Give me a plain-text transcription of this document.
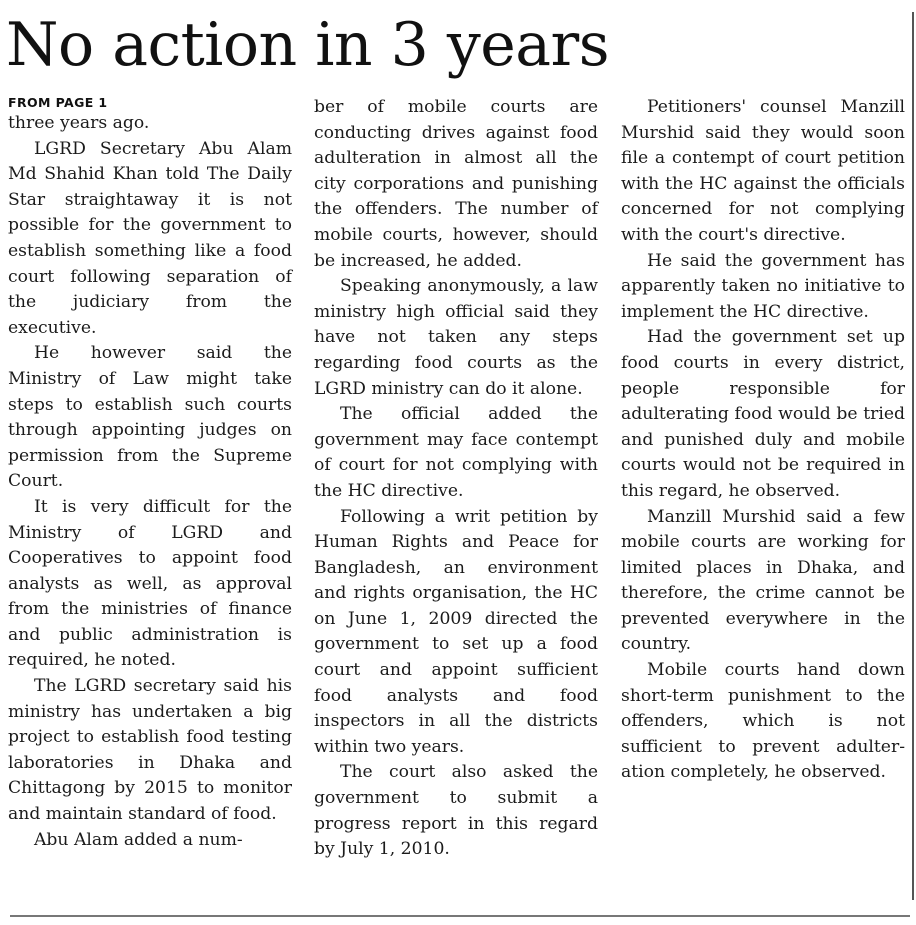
No action in 3 years

FROM PAGE 1

three years ago.

LGRD Secretary Abu Alam Md Shahid Khan told The Daily Star straightaway it is not possible for the government to establish something like a food court following separation of the judiciary from the executive.

He however said the Ministry of Law might take steps to establish such courts through appointing judges on permission from the Supreme Court.

It is very difficult for the Ministry of LGRD and Cooperatives to appoint food analysts as well, as approval from the ministries of finance and public administration is required, he noted.

The LGRD secretary said his ministry has undertaken a big project to establish food testing laboratories in Dhaka and Chittagong by 2015 to monitor and maintain standard of food.

Abu Alam added a num-

ber of mobile courts are conducting drives against food adulteration in almost all the city corporations and punishing the offenders. The number of mobile courts, however, should be increased, he added.

Speaking anonymously, a law ministry high official said they have not taken any steps regarding food courts as the LGRD ministry can do it alone.

The official added the government may face contempt of court for not complying with the HC directive.

Following a writ petition by Human Rights and Peace for Bangladesh, an environment and rights organisation, the HC on June 1, 2009 directed the government to set up a food court and appoint sufficient food analysts and food inspectors in all the districts within two years.

The court also asked the government to submit a progress report in this regard by July 1, 2010.

Petitioners' counsel Manzill Murshid said they would soon file a contempt of court petition with the HC against the officials concerned for not complying with the court's directive.

He said the government has apparently taken no initiative to implement the HC directive.

Had the government set up food courts in every district, people responsible for adulterating food would be tried and punished duly and mobile courts would not be required in this regard, he observed.

Manzill Murshid said a few mobile courts are working for limited places in Dhaka, and therefore, the crime cannot be prevented everywhere in the country.

Mobile courts hand down short-term punishment to the offenders, which is not sufficient to prevent adulteration completely, he observed.
